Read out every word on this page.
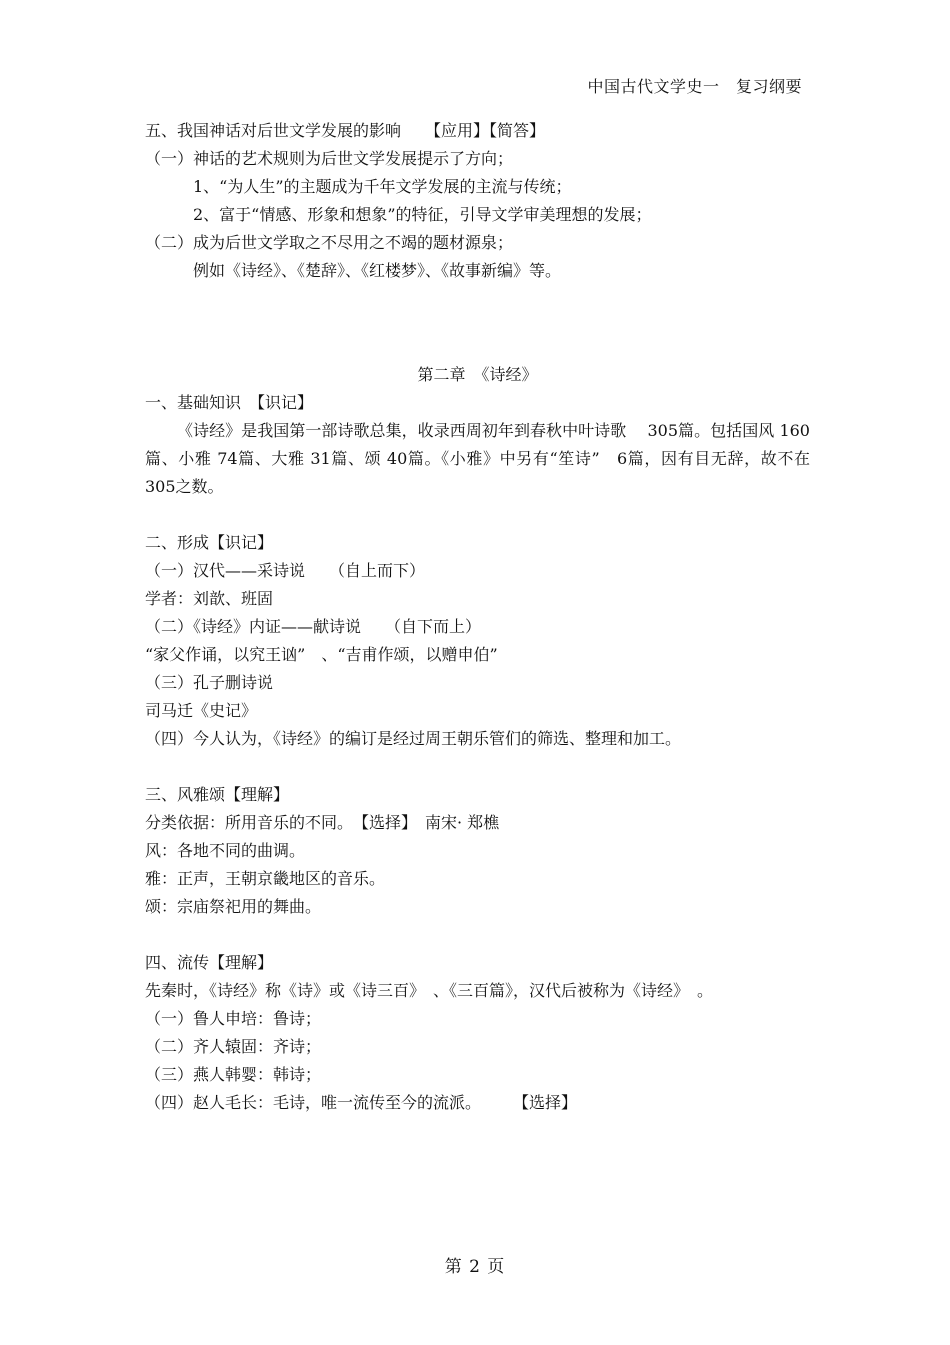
中国古代文学史一　复习纲要
五、我国神话对后世文学发展的影响　　【应用】【简答】
（一）神话的艺术规则为后世文学发展提示了方向；
1、“为人生”的主题成为千年文学发展的主流与传统；
2、富于“情感、形象和想象”的特征，引导文学审美理想的发展；
（二）成为后世文学取之不尽用之不竭的题材源泉；
例如《诗经》、《楚辞》、《红楼梦》、《故事新编》等。
第二章　《诗经》
一、基础知识　【识记】
《诗经》是我国第一部诗歌总集，收录西周初年到春秋中叶诗歌　 305篇。包括国风 160篇、小雅 74篇、大雅 31篇、颂 40篇。《小雅》中另有“笙诗”　6篇，因有目无辞，故不在　305之数。
二、形成【识记】
（一）汉代——采诗说　　（自上而下）
学者：刘歆、班固
（二）《诗经》内证——献诗说　　（自下而上）
“家父作诵，以究王讻”　、“吉甫作颂，以赠申伯”
（三）孔子删诗说
司马迁《史记》
（四）今人认为，《诗经》的编订是经过周王朝乐管们的筛选、整理和加工。
三、风雅颂【理解】
分类依据：所用音乐的不同。　【选择】　南宋· 郑樵
风：各地不同的曲调。
雅：正声，王朝京畿地区的音乐。
颂：宗庙祭祀用的舞曲。
四、流传【理解】
先秦时，《诗经》称《诗》或《诗三百》　、《三百篇》，汉代后被称为《诗经》　。
（一）鲁人申培：鲁诗；
（二）齐人辕固：齐诗；
（三）燕人韩婴：韩诗；
（四）赵人毛长：毛诗，唯一流传至今的流派。　　　【选择】
第 2 页
